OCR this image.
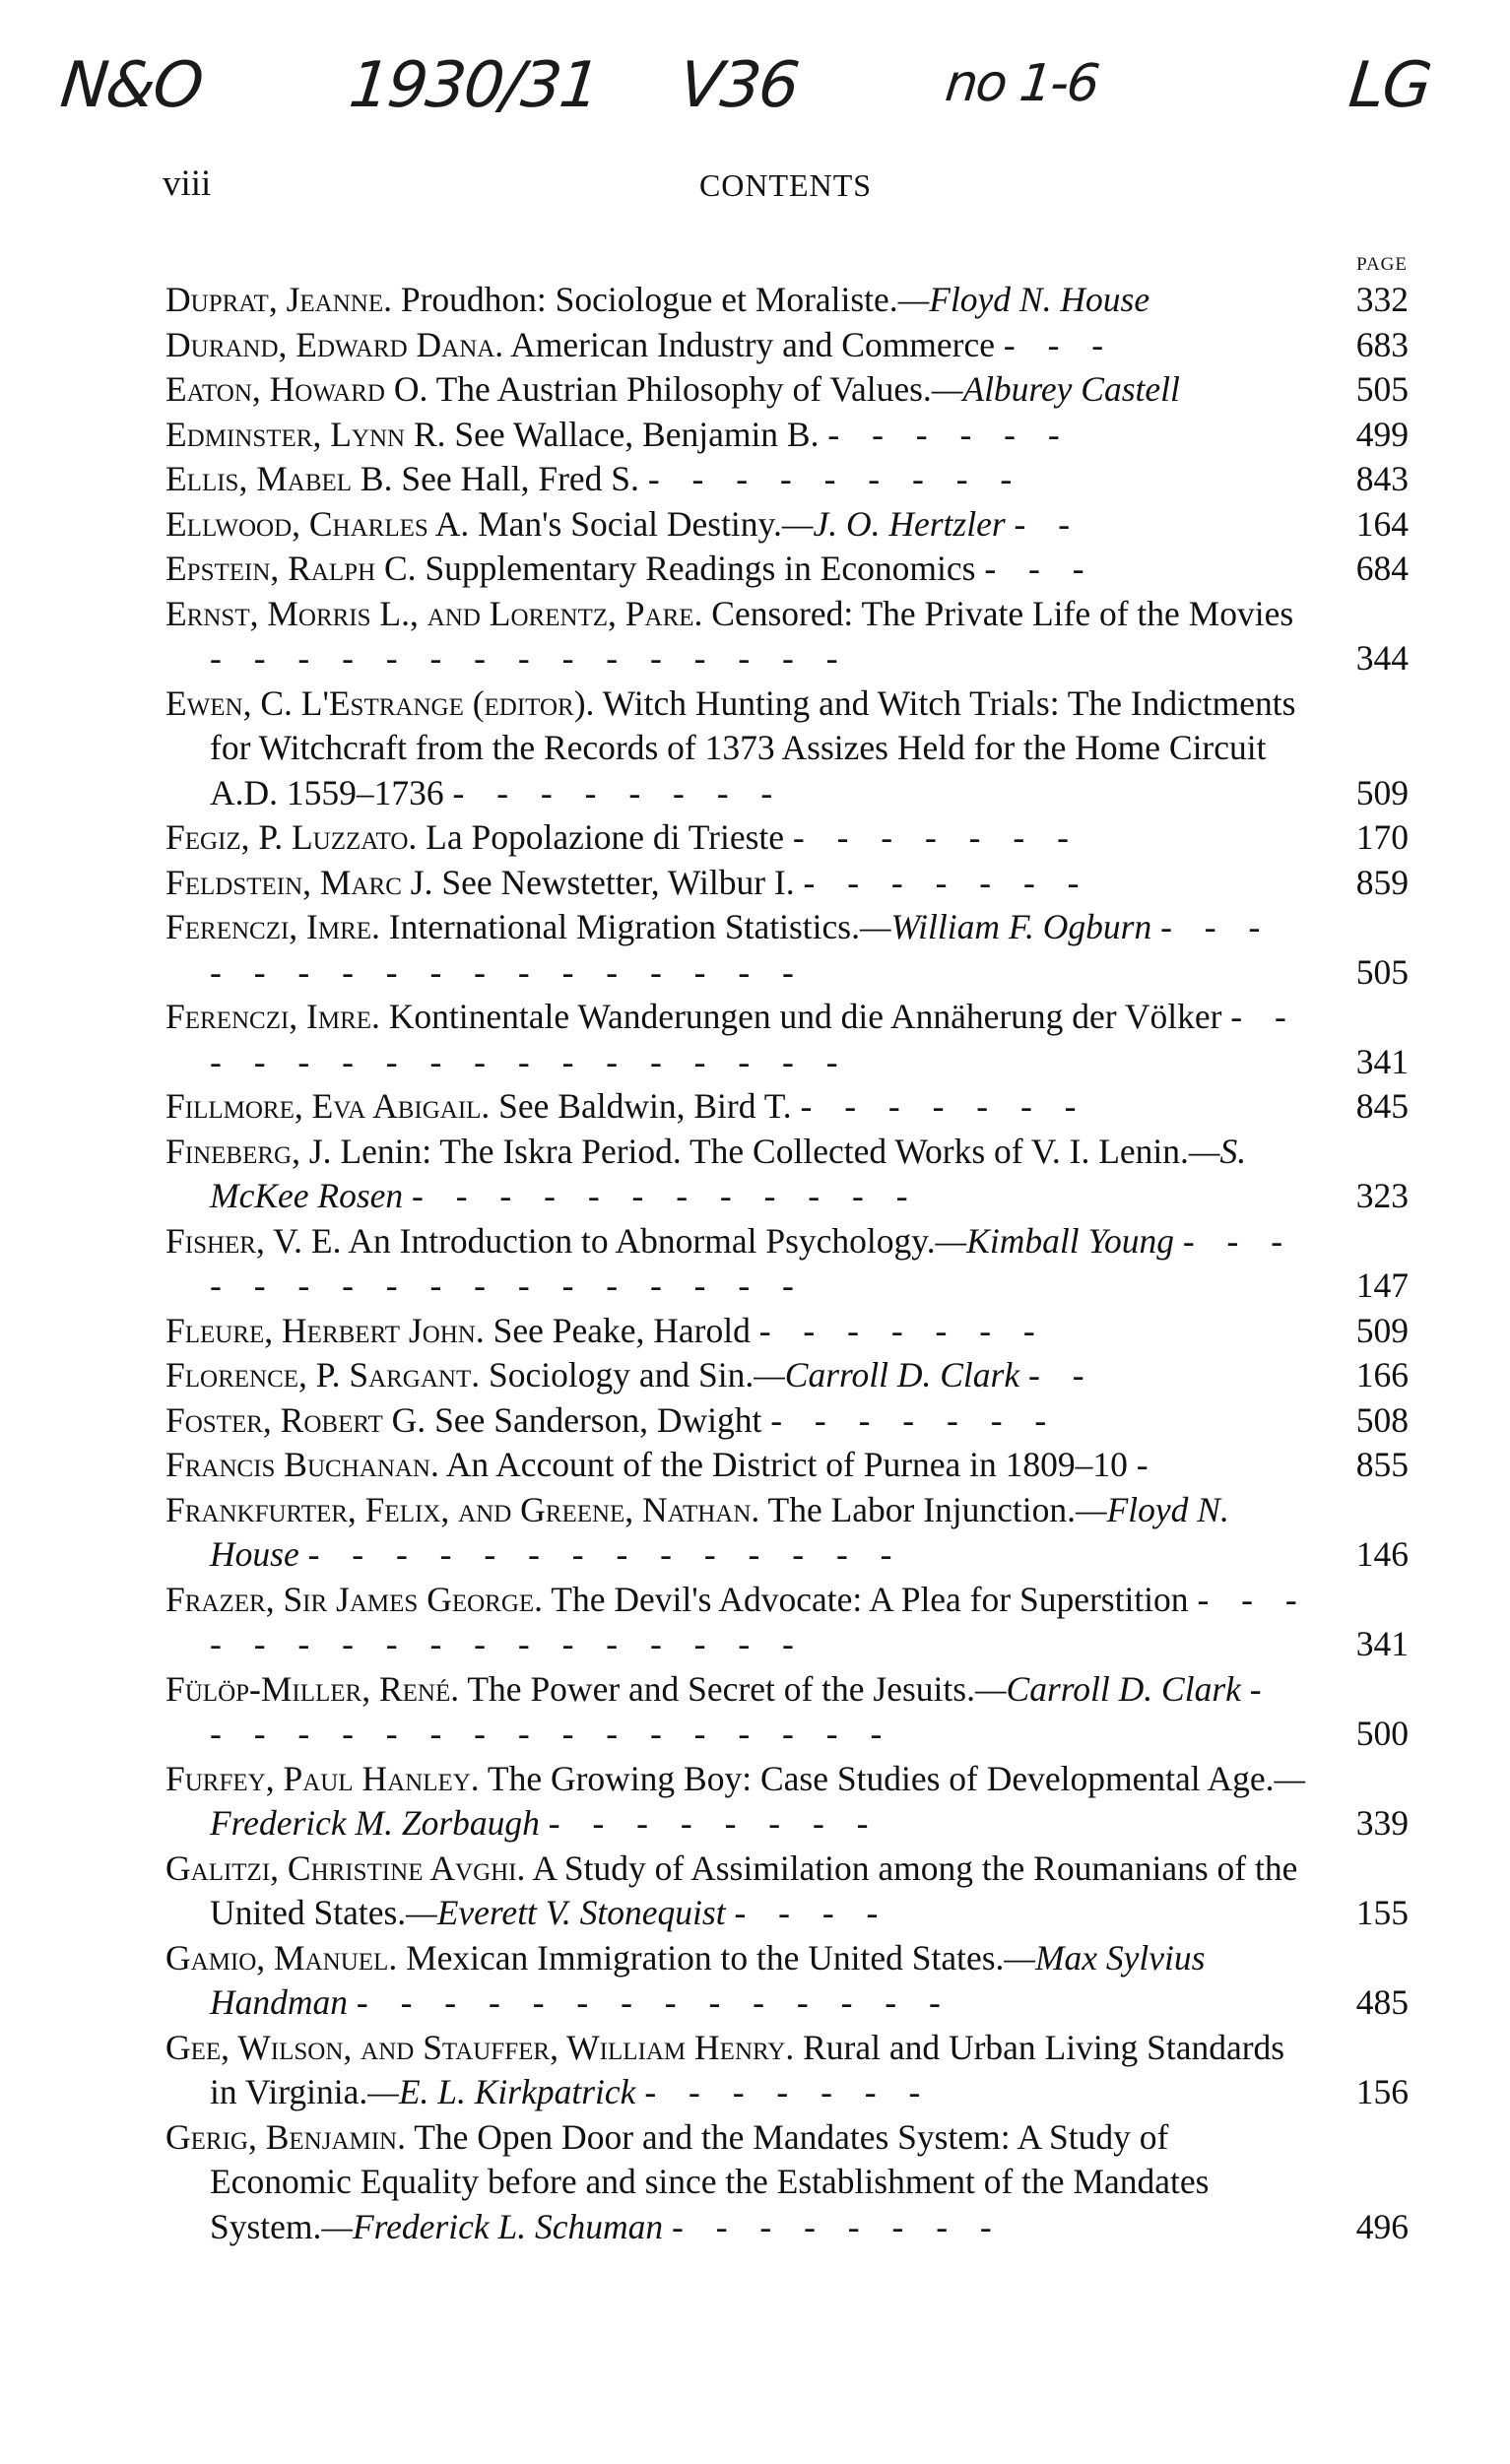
N&O 1930/31 V36	no 1-6	LG
viii	CONTENTS
PAGE
Duprat, Jeanne. Proudhon: Sociologue et Moraliste.—Floyd N. House	332
Durand, Edward Dana. American Industry and Commerce - - -	683
Eaton, Howard O. The Austrian Philosophy of Values.—Alburey Castell	505
Edminster, Lynn R. See Wallace, Benjamin B. - - - - - -	499
Ellis, Mabel B. See Hall, Fred S. - - - - - - - - -	843
Ellwood, Charles A. Man's Social Destiny.—J. O. Hertzler - -	164
Epstein, Ralph C. Supplementary Readings in Economics - - -	684
Ernst, Morris L., and Lorentz, Pare. Censored: The Private Life of the Movies - - - - - - - - - - - - - - -	344
Ewen, C. L'Estrange (editor). Witch Hunting and Witch Trials: The Indictments for Witchcraft from the Records of 1373 Assizes Held for the Home Circuit A.D. 1559–1736 - - - - - - - -	509
Fegiz, P. Luzzato. La Popolazione di Trieste - - - - - - -	170
Feldstein, Marc J. See Newstetter, Wilbur I. - - - - - - -	859
Ferenczi, Imre. International Migration Statistics.—William F. Ogburn - - - - - - - - - - - - - - - - -	505
Ferenczi, Imre. Kontinentale Wanderungen und die Annäherung der Völker - - - - - - - - - - - - - - - - -	341
Fillmore, Eva Abigail. See Baldwin, Bird T. - - - - - - -	845
Fineberg, J. Lenin: The Iskra Period. The Collected Works of V. I. Lenin.—S. McKee Rosen - - - - - - - - - - - -	323
Fisher, V. E. An Introduction to Abnormal Psychology.—Kimball Young - - - - - - - - - - - - - - - - -	147
Fleure, Herbert John. See Peake, Harold - - - - - - -	509
Florence, P. Sargant. Sociology and Sin.—Carroll D. Clark - -	166
Foster, Robert G. See Sanderson, Dwight - - - - - - -	508
Francis Buchanan. An Account of the District of Purnea in 1809–10 -	855
Frankfurter, Felix, and Greene, Nathan. The Labor Injunction.—Floyd N. House - - - - - - - - - - - - - -	146
Frazer, Sir James George. The Devil's Advocate: A Plea for Superstition - - - - - - - - - - - - - - - - -	341
Fülöp-Miller, René. The Power and Secret of the Jesuits.—Carroll D. Clark - - - - - - - - - - - - - - - - -	500
Furfey, Paul Hanley. The Growing Boy: Case Studies of Developmental Age.—Frederick M. Zorbaugh - - - - - - - -	339
Galitzi, Christine Avghi. A Study of Assimilation among the Roumanians of the United States.—Everett V. Stonequist - - - -	155
Gamio, Manuel. Mexican Immigration to the United States.—Max Sylvius Handman - - - - - - - - - - - - - -	485
Gee, Wilson, and Stauffer, William Henry. Rural and Urban Living Standards in Virginia.—E. L. Kirkpatrick - - - - - - -	156
Gerig, Benjamin. The Open Door and the Mandates System: A Study of Economic Equality before and since the Establishment of the Mandates System.—Frederick L. Schuman - - - - - - - -	496
